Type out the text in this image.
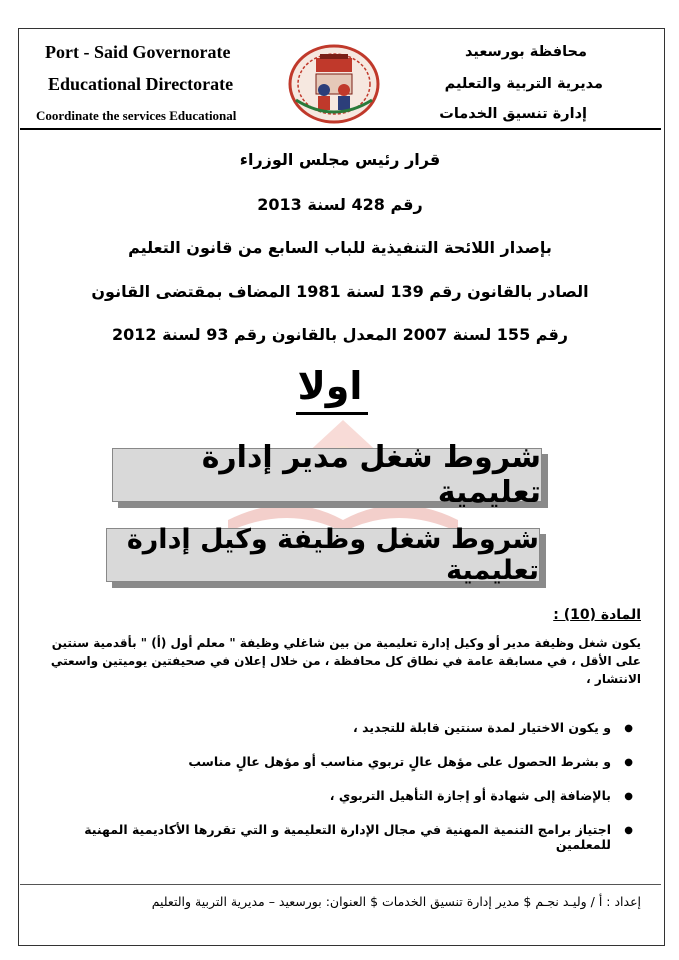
Port - Said Governorate
Educational Directorate
Coordinate the services Educational
محافظة بورسعيد
مديرية التربية والتعليم
إدارة تنسيق الخدمات
قرار رئيس مجلس الوزراء
رقم 428 لسنة 2013
بإصدار اللائحة التنفيذية للباب السابع من قانون التعليم
الصادر بالقانون رقم 139 لسنة 1981 المضاف بمقتضى القانون
رقم 155 لسنة 2007 المعدل بالقانون رقم 93 لسنة 2012
اولا
شروط شغل مدير إدارة تعليمية
شروط شغل وظيفة وكيل إدارة تعليمية
المادة (10) :
يكون شغل وظيفة مدير أو وكيل إدارة تعليمية من بين شاغلي وظيفة " معلم أول (أ) " بأقدمية سنتين على الأقل ، في مسابقة عامة في نطاق كل محافظة ، من خلال إعلان في صحيفتين يوميتين واسعتي الانتشار ،
● و يكون الاختيار لمدة سنتين قابلة للتجديد ،
● و بشرط الحصول على مؤهل عالٍ تربوي مناسب أو مؤهل عالٍ مناسب
● بالإضافة إلى شهادة أو إجازة التأهيل التربوي ،
● اجتياز برامج التنمية المهنية في مجال الإدارة التعليمية و التي تقررها الأكاديمية المهنية للمعلمين
إعداد : أ / وليـد نجـم $ مدير إدارة تنسيق الخدمات $ العنوان: بورسعيد – مديرية التربية والتعليم
